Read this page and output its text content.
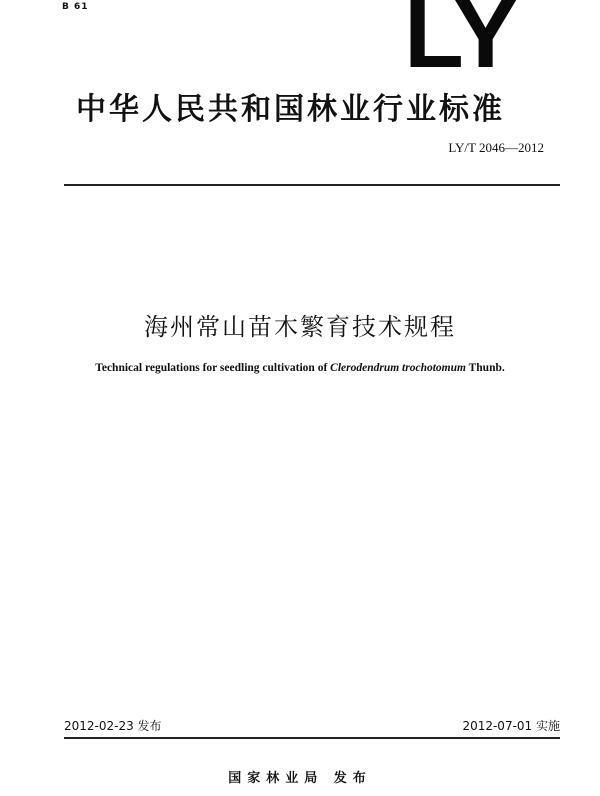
B 61	LY
中华人民共和国林业行业标准
LY/T 2046—2012
海州常山苗木繁育技术规程
Technical regulations for seedling cultivation of Clerodendrum trochotomum Thunb.
2012-02-23 发布	2012-07-01 实施
国家林业局 发布
